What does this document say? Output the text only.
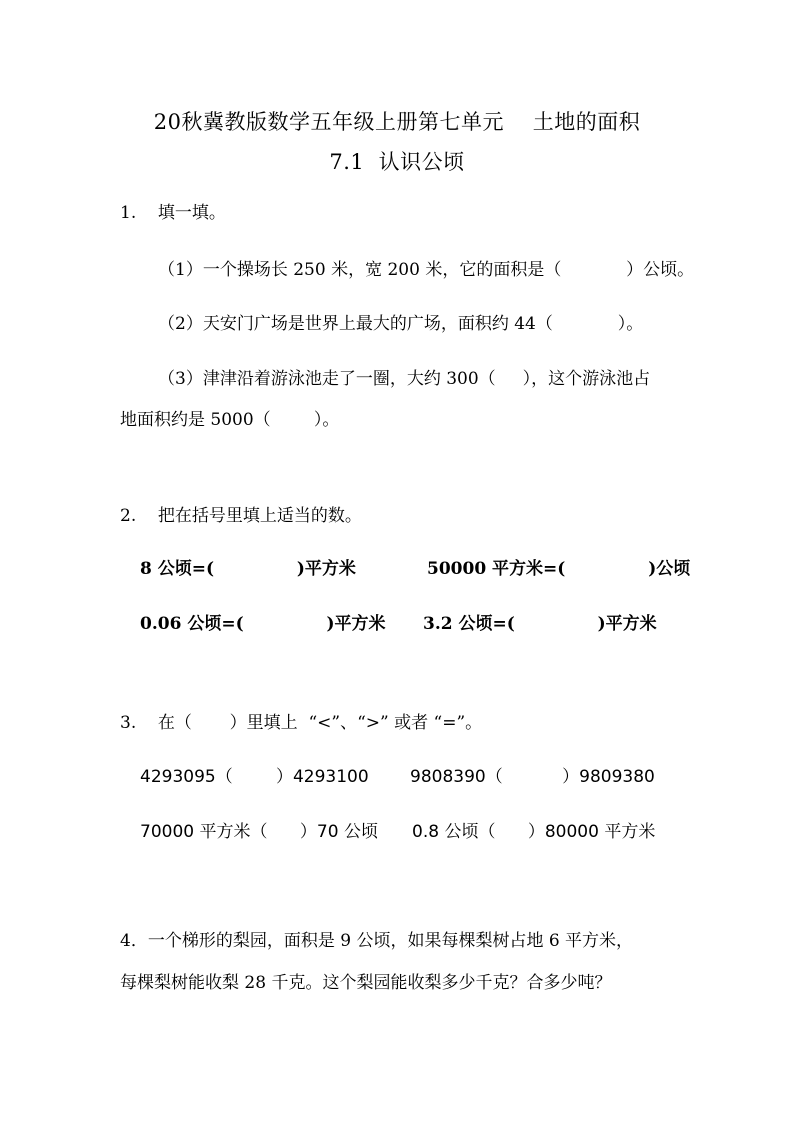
20秋冀教版数学五年级上册第七单元    土地的面积
7.1  认识公顷
1.    填一填。
（1）一个操场长 250 米，宽 200 米，它的面积是（            ）公顷。
（2）天安门广场是世界上最大的广场，面积约 44（            ）。
（3）津津沿着游泳池走了一圈，大约 300（     ），这个游泳池占
地面积约是 5000（        ）。
2.    把在括号里填上适当的数。
8 公顷=(              )平方米	50000 平方米=(              )公顷
0.06 公顷=(              )平方米 3.2 公顷=(              )平方米
3.    在（       ）里填上  “<”、“>” 或者 “=”。
4293095（        ）4293100 9808390（           ）9809380
70000 平方米（      ）70 公顷 0.8 公顷（      ）80000 平方米
4．一个梯形的梨园，面积是 9 公顷，如果每棵梨树占地 6 平方米，
每棵梨树能收梨 28 千克。这个梨园能收梨多少千克？合多少吨？
